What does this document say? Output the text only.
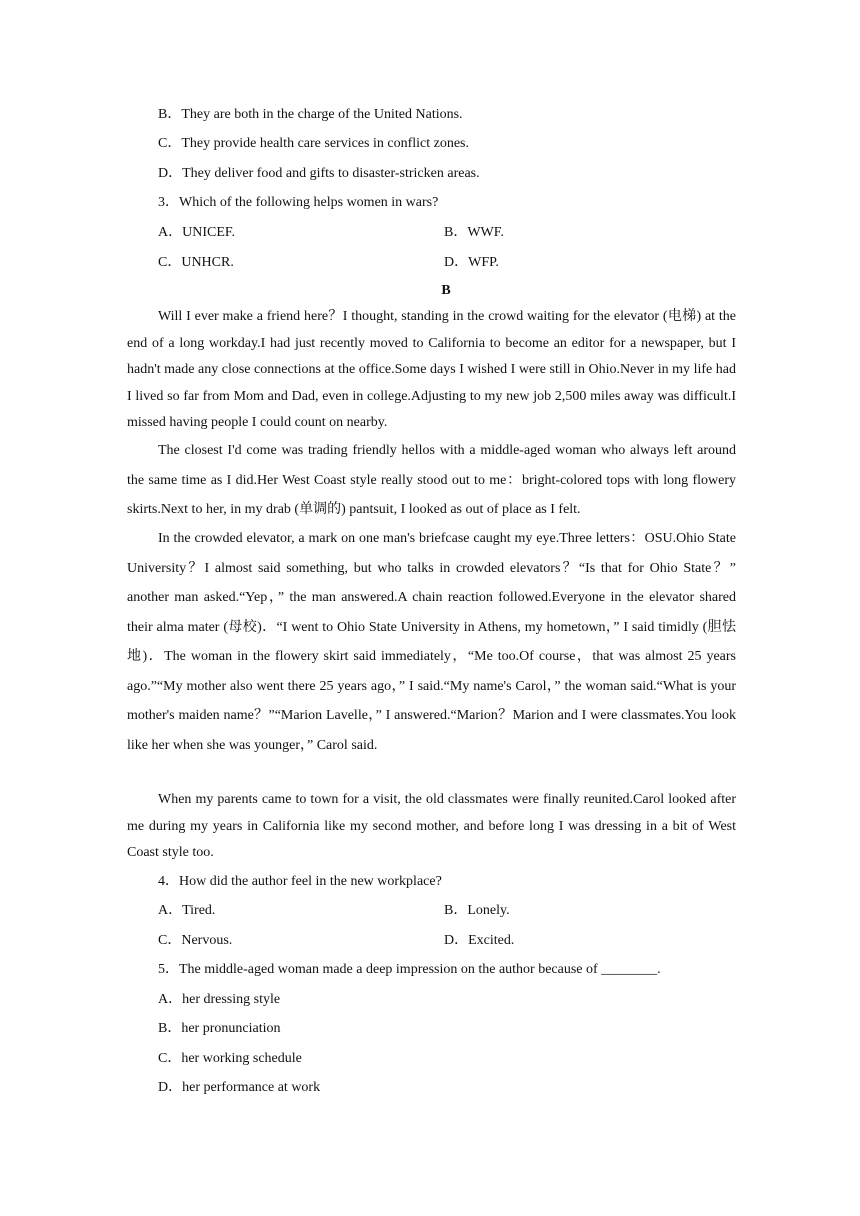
B．They are both in the charge of the United Nations.
C．They provide health care services in conflict zones.
D．They deliver food and gifts to disaster-stricken areas.
3．Which of the following helps women in wars?
A．UNICEF.	B．WWF.
C．UNHCR.	D．WFP.
B

Will I ever make a friend here？I thought, standing in the crowd waiting for the elevator (电梯) at the end of a long workday.I had just recently moved to California to become an editor for a newspaper, but I hadn't made any close connections at the office.Some days I wished I were still in Ohio.Never in my life had I lived so far from Mom and Dad, even in college.Adjusting to my new job 2,500 miles away was difficult.I missed having people I could count on nearby.

The closest I'd come was trading friendly hellos with a middle-aged woman who always left around the same time as I did.Her West Coast style really stood out to me：bright-colored tops with long flowery skirts.Next to her, in my drab (单调的) pantsuit, I looked as out of place as I felt.

In the crowded elevator, a mark on one man's briefcase caught my eye.Three letters：OSU.Ohio State University？I almost said something, but who talks in crowded elevators？“Is that for Ohio State？” another man asked.“Yep，” the man answered.A chain reaction followed.Everyone in the elevator shared their alma mater (母校)．“I went to Ohio State University in Athens, my hometown，” I said timidly (胆怯地)．The woman in the flowery skirt said immediately，“Me too.Of course，that was almost 25 years ago.”“My mother also went there 25 years ago，” I said.“My name's Carol，” the woman said.“What is your mother's maiden name？”“Marion Lavelle，” I answered.“Marion？Marion and I were classmates.You look like her when she was younger，” Carol said.

When my parents came to town for a visit, the old classmates were finally reunited.Carol looked after me during my years in California like my second mother, and before long I was dressing in a bit of West Coast style too.

4．How did the author feel in the new workplace?
A．Tired.	B．Lonely.
C．Nervous.	D．Excited.
5．The middle-aged woman made a deep impression on the author because of ________.
A．her dressing style
B．her pronunciation
C．her working schedule
D．her performance at work
